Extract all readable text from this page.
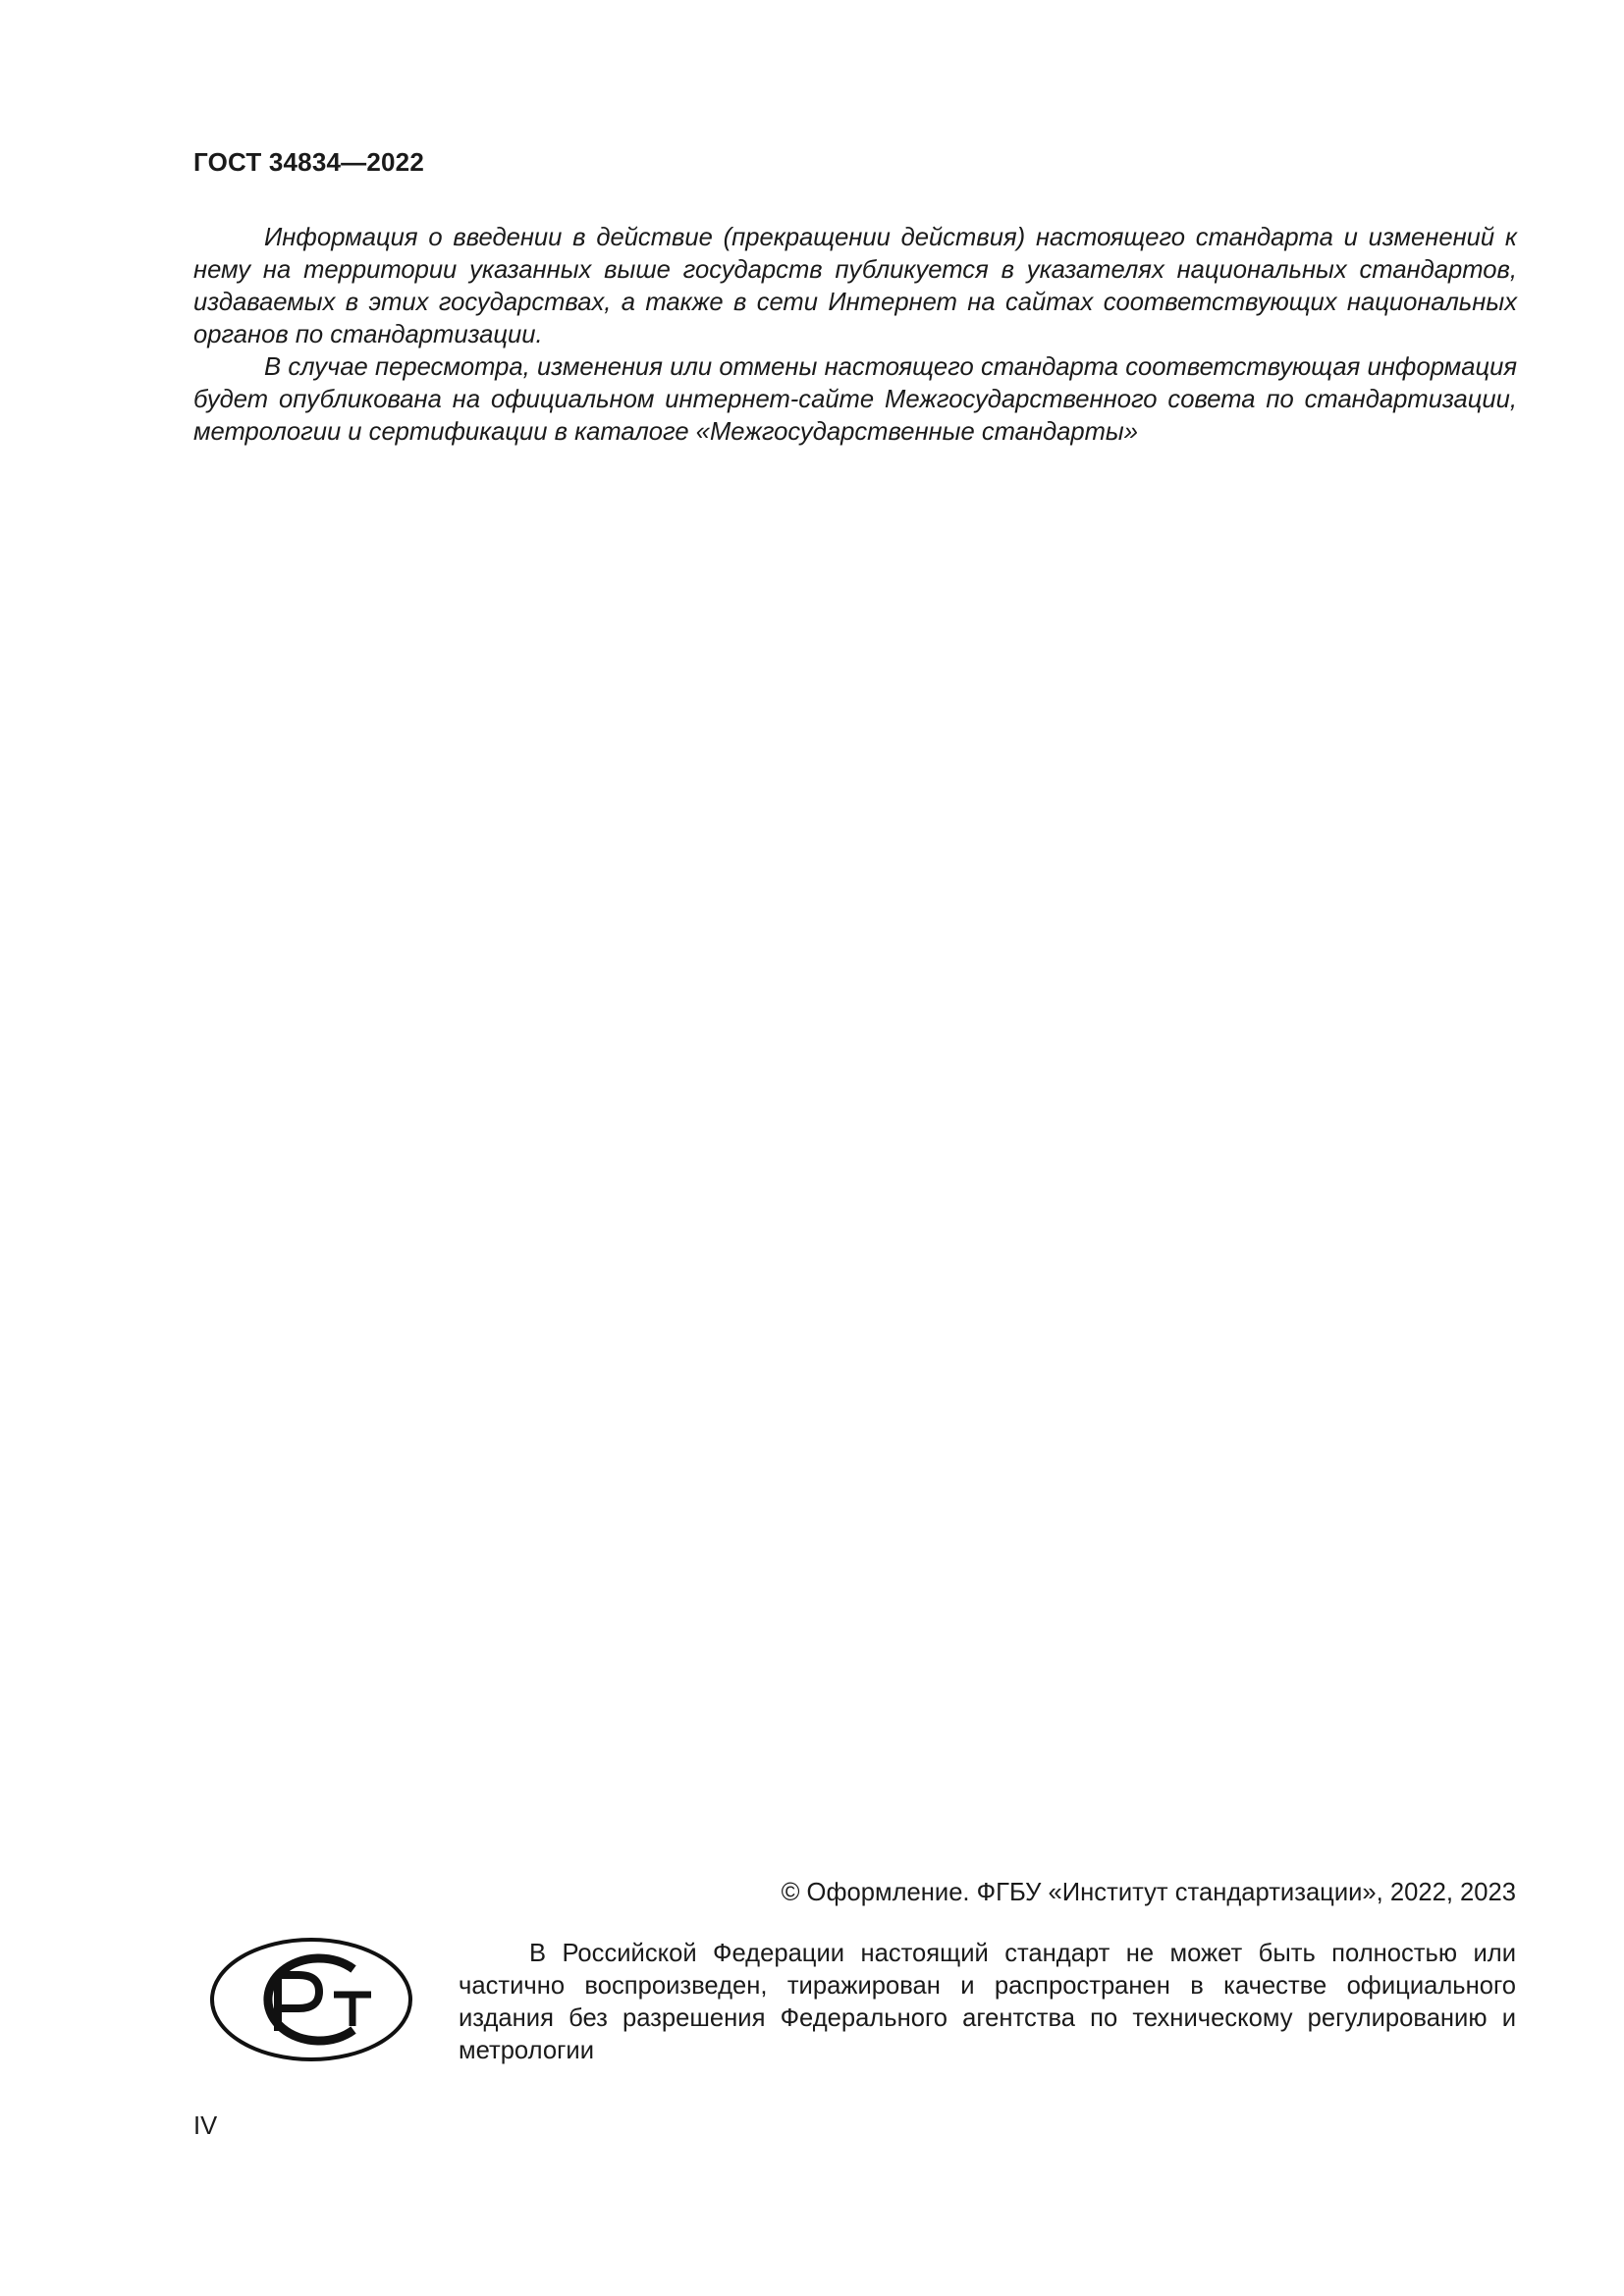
ГОСТ 34834—2022

Информация о введении в действие (прекращении действия) настоящего стандарта и изменений к нему на территории указанных выше государств публикуется в указателях национальных стандартов, издаваемых в этих государствах, а также в сети Интернет на сайтах соответствующих национальных органов по стандартизации.

В случае пересмотра, изменения или отмены настоящего стандарта соответствующая информация будет опубликована на официальном интернет-сайте Межгосударственного совета по стандартизации, метрологии и сертификации в каталоге «Межгосударственные стандарты»

© Оформление. ФГБУ «Институт стандартизации», 2022, 2023

В Российской Федерации настоящий стандарт не может быть полностью или частично воспроизведен, тиражирован и распространен в качестве официального издания без разрешения Федерального агентства по техническому регулированию и метрологии

IV
